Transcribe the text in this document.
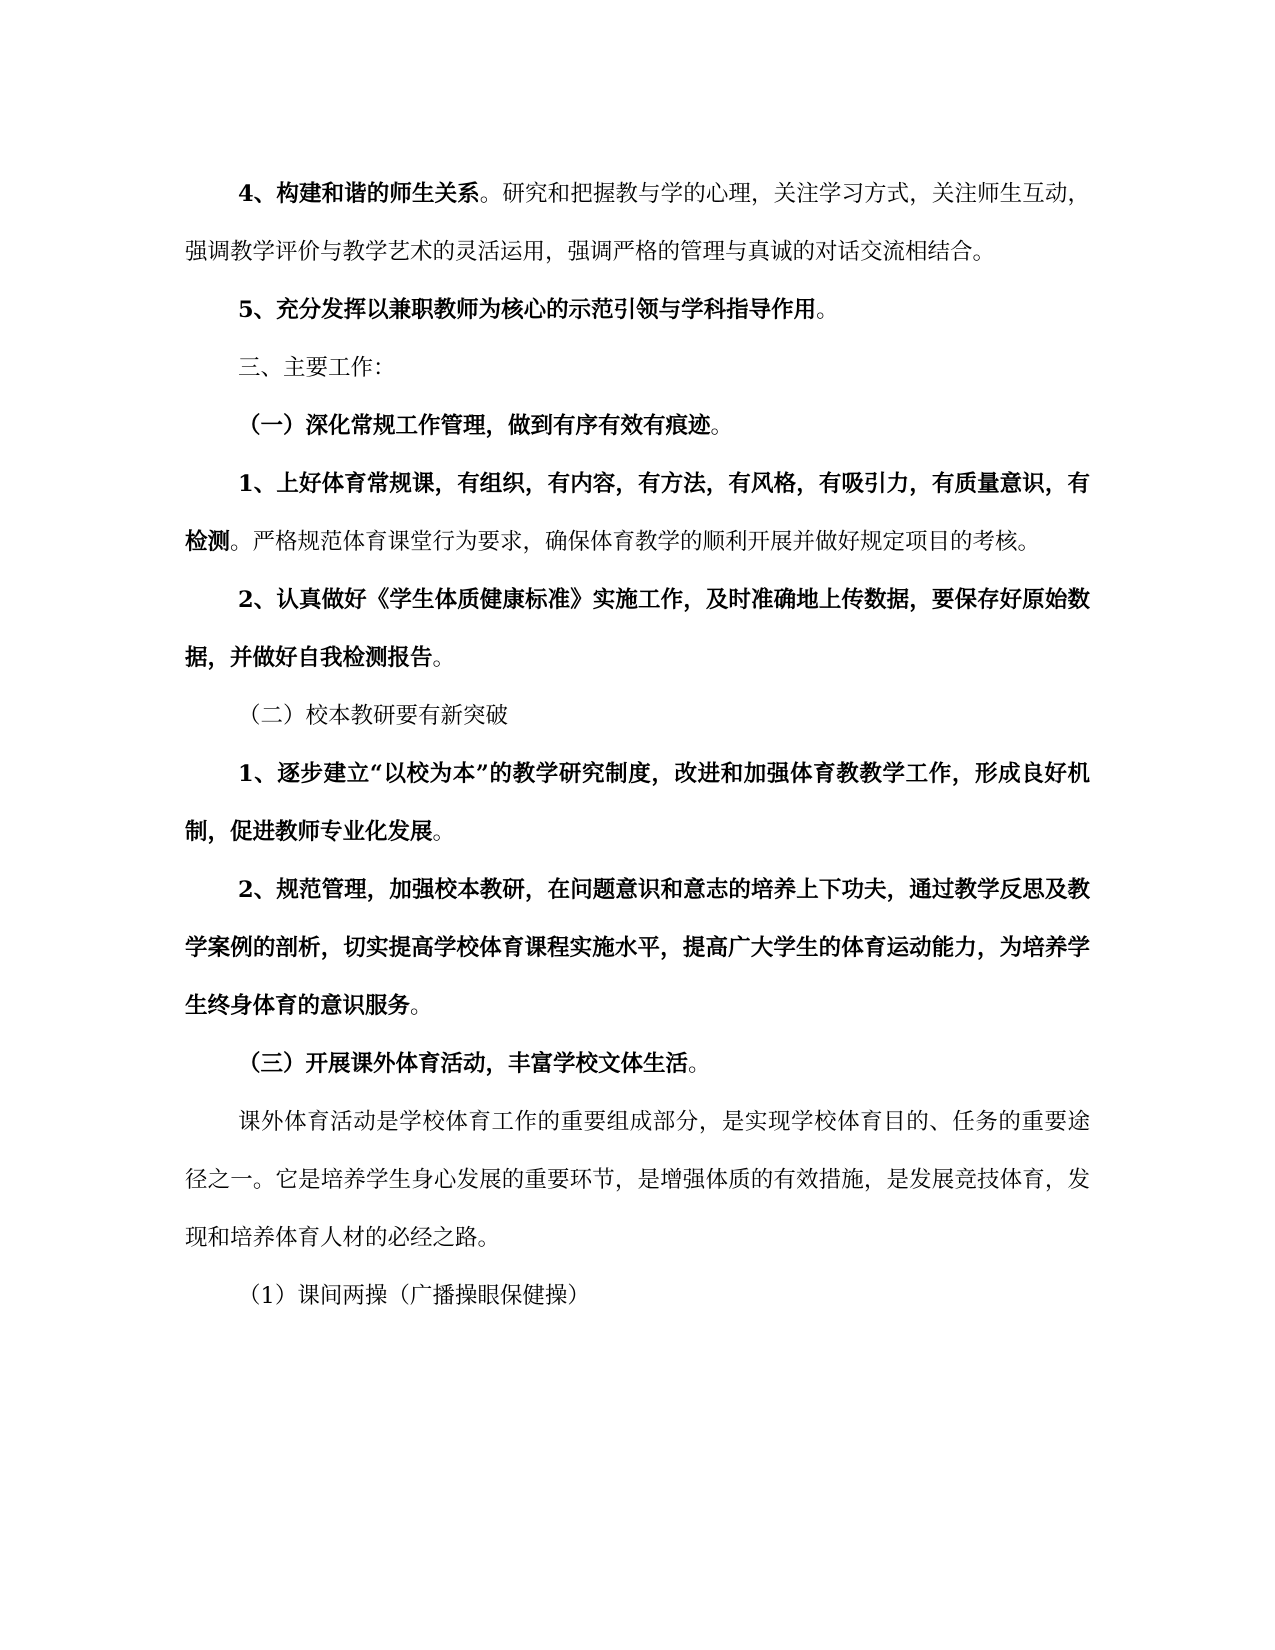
4、构建和谐的师生关系。研究和把握教与学的心理，关注学习方式，关注师生互动，强调教学评价与教学艺术的灵活运用，强调严格的管理与真诚的对话交流相结合。

5、充分发挥以兼职教师为核心的示范引领与学科指导作用。

三、主要工作：

（一）深化常规工作管理，做到有序有效有痕迹。

1、上好体育常规课，有组织，有内容，有方法，有风格，有吸引力，有质量意识，有检测。严格规范体育课堂行为要求，确保体育教学的顺利开展并做好规定项目的考核。

2、认真做好《学生体质健康标准》实施工作，及时准确地上传数据，要保存好原始数据，并做好自我检测报告。

（二）校本教研要有新突破

1、逐步建立“以校为本”的教学研究制度，改进和加强体育教教学工作，形成良好机制，促进教师专业化发展。

2、规范管理，加强校本教研，在问题意识和意志的培养上下功夫，通过教学反思及教学案例的剖析，切实提高学校体育课程实施水平，提高广大学生的体育运动能力，为培养学生终身体育的意识服务。

（三）开展课外体育活动，丰富学校文体生活。

课外体育活动是学校体育工作的重要组成部分，是实现学校体育目的、任务的重要途径之一。它是培养学生身心发展的重要环节，是增强体质的有效措施，是发展竞技体育，发现和培养体育人材的必经之路。

（1）课间两操（广播操眼保健操）
